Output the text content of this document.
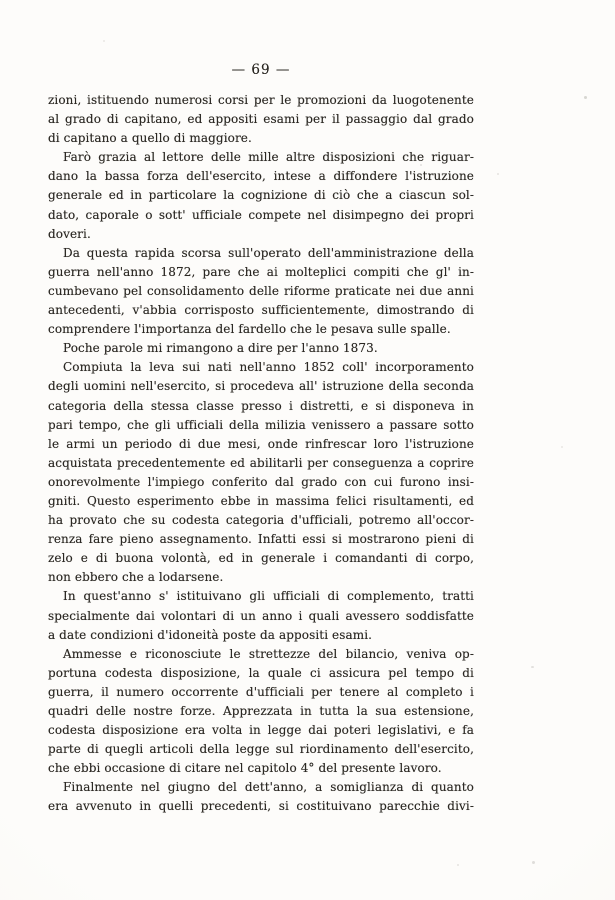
— 69 —
zioni, istituendo numerosi corsi per le promozioni da luogotenente
al grado di capitano, ed appositi esami per il passaggio dal grado
di capitano a quello di maggiore.
Farò grazia al lettore delle mille altre disposizioni che riguar-
dano la bassa forza dell'esercito, intese a diffondere l'istruzione
generale ed in particolare la cognizione di ciò che a ciascun sol-
dato, caporale o sott' ufficiale compete nel disimpegno dei propri
doveri.
Da questa rapida scorsa sull'operato dell'amministrazione della
guerra nell'anno 1872, pare che ai molteplici compiti che gl' in-
cumbevano pel consolidamento delle riforme praticate nei due anni
antecedenti, v'abbia corrisposto sufficientemente, dimostrando di
comprendere l'importanza del fardello che le pesava sulle spalle.
Poche parole mi rimangono a dire per l'anno 1873.
Compiuta la leva sui nati nell'anno 1852 coll' incorporamento
degli uomini nell'esercito, si procedeva all' istruzione della seconda
categoria della stessa classe presso i distretti, e si disponeva in
pari tempo, che gli ufficiali della milizia venissero a passare sotto
le armi un periodo di due mesi, onde rinfrescar loro l'istruzione
acquistata precedentemente ed abilitarli per conseguenza a coprire
onorevolmente l'impiego conferito dal grado con cui furono insi-
gniti. Questo esperimento ebbe in massima felici risultamenti, ed
ha provato che su codesta categoria d'ufficiali, potremo all'occor-
renza fare pieno assegnamento. Infatti essi si mostrarono pieni di
zelo e di buona volontà, ed in generale i comandanti di corpo,
non ebbero che a lodarsene.
In quest'anno s' istituivano gli ufficiali di complemento, tratti
specialmente dai volontari di un anno i quali avessero soddisfatte
a date condizioni d'idoneità poste da appositi esami.
Ammesse e riconosciute le strettezze del bilancio, veniva op-
portuna codesta disposizione, la quale ci assicura pel tempo di
guerra, il numero occorrente d'ufficiali per tenere al completo i
quadri delle nostre forze. Apprezzata in tutta la sua estensione,
codesta disposizione era volta in legge dai poteri legislativi, e fa
parte di quegli articoli della legge sul riordinamento dell'esercito,
che ebbi occasione di citare nel capitolo 4° del presente lavoro.
Finalmente nel giugno del dett'anno, a somiglianza di quanto
era avvenuto in quelli precedenti, si costituivano parecchie divi-
